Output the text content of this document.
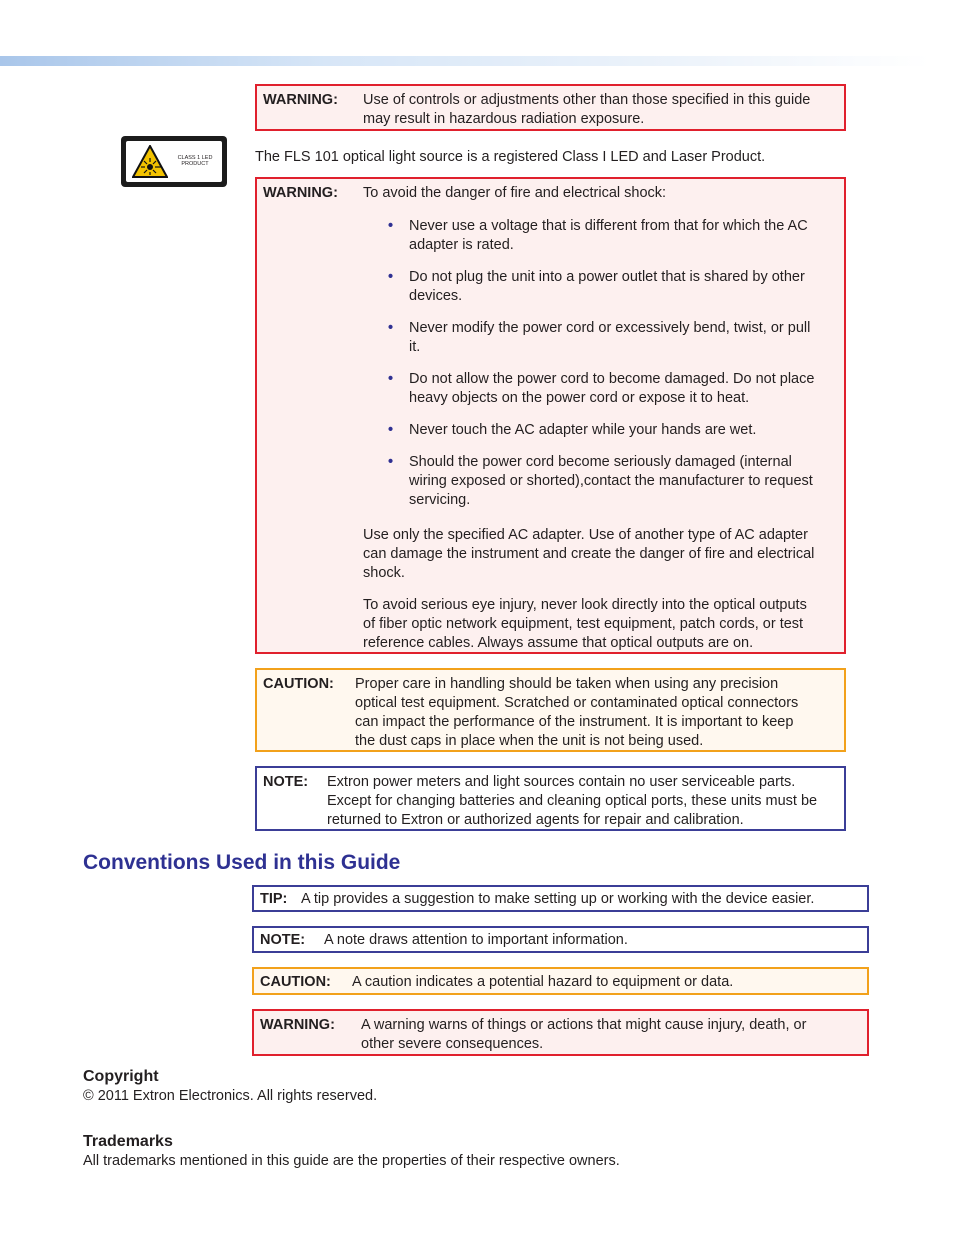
WARNING: Use of controls or adjustments other than those specified in this guide
may result in hazardous radiation exposure.
CLASS 1 LED
PRODUCT	The FLS 101 optical light source is a registered Class I LED and Laser Product.
WARNING: To avoid the danger of fire and electrical shock:
• Never use a voltage that is different from that for which the AC
adapter is rated.
• Do not plug the unit into a power outlet that is shared by other
devices.
• Never modify the power cord or excessively bend, twist, or pull
it.
• Do not allow the power cord to become damaged. Do not place
heavy objects on the power cord or expose it to heat.
• Never touch the AC adapter while your hands are wet.
• Should the power cord become seriously damaged (internal
wiring exposed or shorted),contact the manufacturer to request
servicing.
Use only the specified AC adapter. Use of another type of AC adapter
can damage the instrument and create the danger of fire and electrical
shock.
To avoid serious eye injury, never look directly into the optical outputs
of fiber optic network equipment, test equipment, patch cords, or test
reference cables. Always assume that optical outputs are on.
CAUTION: Proper care in handling should be taken when using any precision
optical test equipment. Scratched or contaminated optical connectors
can impact the performance of the instrument. It is important to keep
the dust caps in place when the unit is not being used.
NOTE: Extron power meters and light sources contain no user serviceable parts.
Except for changing batteries and cleaning optical ports, these units must be
returned to Extron or authorized agents for repair and calibration.
Conventions Used in this Guide
TIP: A tip provides a suggestion to make setting up or working with the device easier.
NOTE: A note draws attention to important information.
CAUTION: A caution indicates a potential hazard to equipment or data.
WARNING: A warning warns of things or actions that might cause injury, death, or
other severe consequences.
Copyright
© 2011 Extron Electronics. All rights reserved.
Trademarks
All trademarks mentioned in this guide are the properties of their respective owners.
